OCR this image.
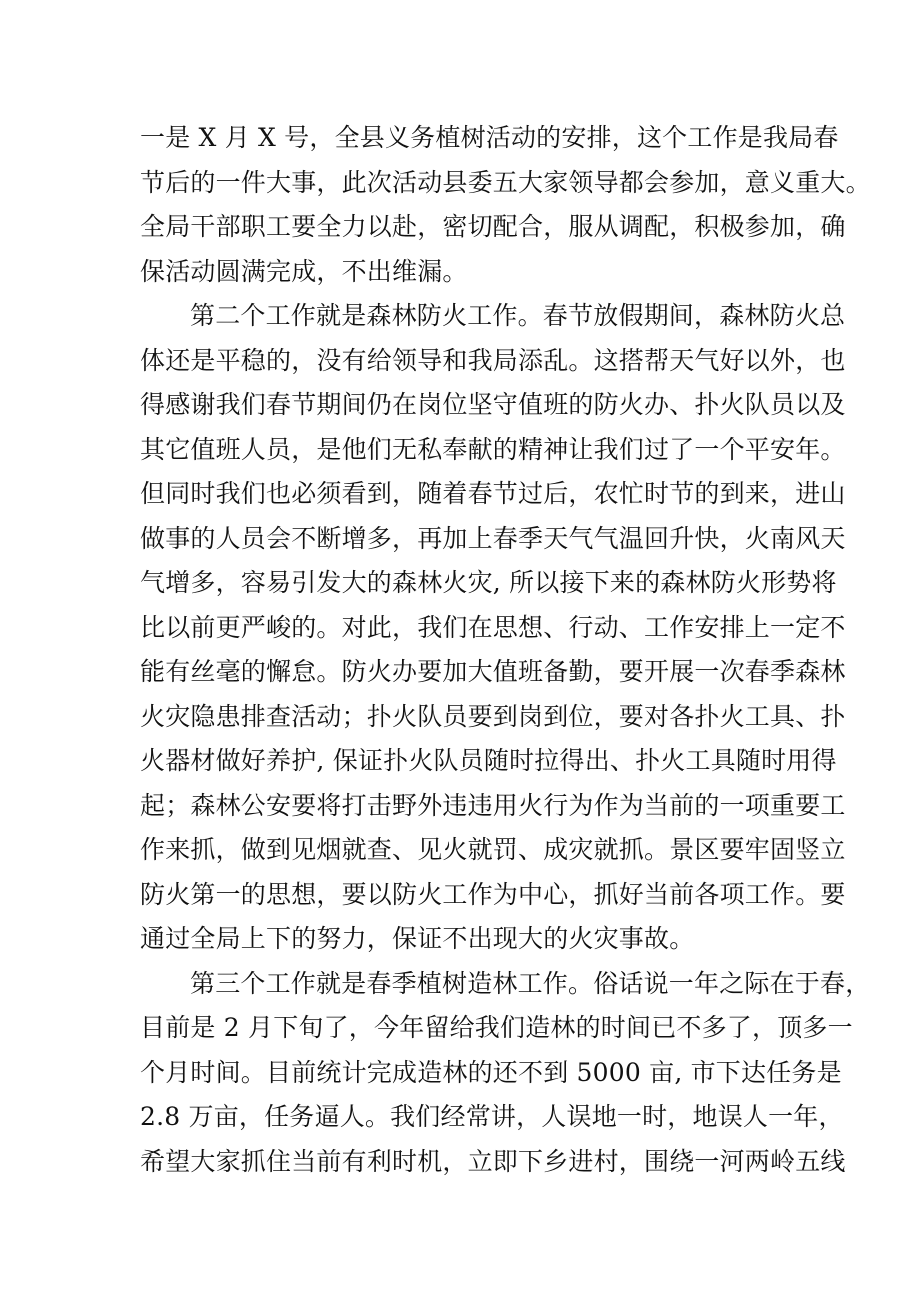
一是 X 月 X 号，全县义务植树活动的安排，这个工作是我局春
节后的一件大事，此次活动县委五大家领导都会参加，意义重大。
全局干部职工要全力以赴，密切配合，服从调配，积极参加，确
保活动圆满完成，不出维漏。
第二个工作就是森林防火工作。春节放假期间，森林防火总
体还是平稳的，没有给领导和我局添乱。这搭帮天气好以外，也
得感谢我们春节期间仍在岗位坚守值班的防火办、扑火队员以及
其它值班人员，是他们无私奉献的精神让我们过了一个平安年。
但同时我们也必须看到，随着春节过后，农忙时节的到来，进山
做事的人员会不断增多，再加上春季天气气温回升快，火南风天
气增多，容易引发大的森林火灾, 所以接下来的森林防火形势将
比以前更严峻的。对此，我们在思想、行动、工作安排上一定不
能有丝毫的懈怠。防火办要加大值班备勤，要开展一次春季森林
火灾隐患排查活动；扑火队员要到岗到位，要对各扑火工具、扑
火器材做好养护, 保证扑火队员随时拉得出、扑火工具随时用得
起；森林公安要将打击野外违违用火行为作为当前的一项重要工
作来抓，做到见烟就查、见火就罚、成灾就抓。景区要牢固竖立
防火第一的思想，要以防火工作为中心，抓好当前各项工作。要
通过全局上下的努力，保证不出现大的火灾事故。
第三个工作就是春季植树造林工作。俗话说一年之际在于春，
目前是 2 月下旬了，今年留给我们造林的时间已不多了，顶多一
个月时间。目前统计完成造林的还不到 5000 亩, 市下达任务是
2.8 万亩，任务逼人。我们经常讲，人误地一时，地误人一年，
希望大家抓住当前有利时机，立即下乡进村，围绕一河两岭五线
